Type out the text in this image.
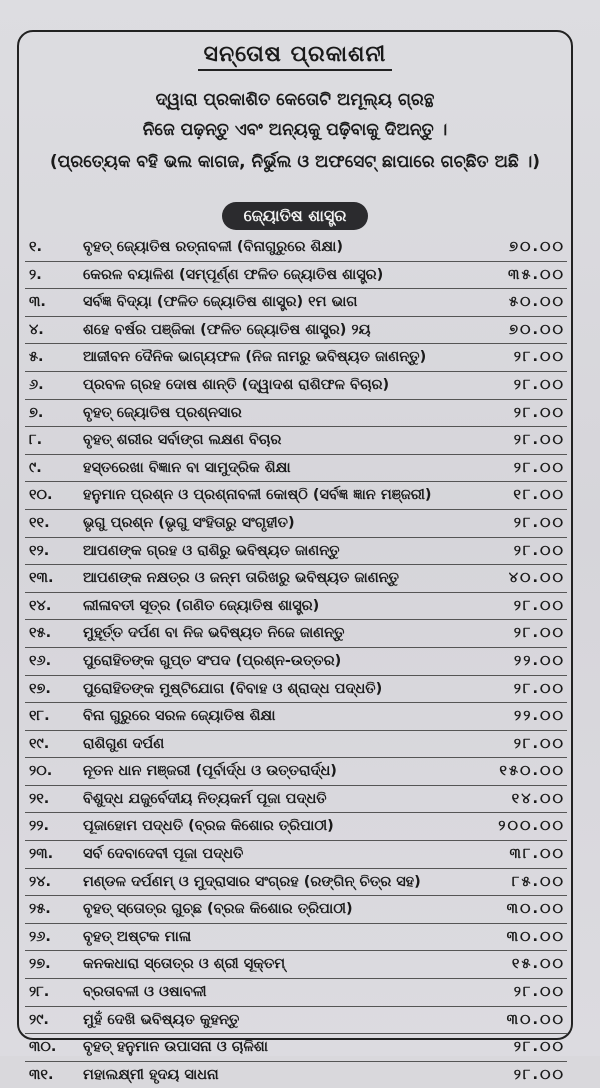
ସନ୍ତୋଷ ପ୍ରକାଶନୀ
ଦ୍ୱାରା ପ୍ରକାଶିତ କେତୋଟି ଅମୂଲ୍ୟ ଗ୍ରନ୍ଥ
ନିଜେ ପଢ଼ନ୍ତୁ ଏବଂ ଅନ୍ୟକୁ ପଢ଼ିବାକୁ ଦିଅନ୍ତୁ ।
(ପ୍ରତ୍ୟେକ ବହି ଭଲ କାଗଜ, ନିର୍ଭୁଲ ଓ ଅଫସେଟ୍ ଛାପାରେ ଗଚ୍ଛିତ ଅଛି ।)
ଜ୍ୟୋତିଷ ଶାସ୍ତ୍ର
୧.	ବୃହତ୍ ଜ୍ୟୋତିଷ ରତ୍ନାବଳୀ (ବିନାଗୁରୁରେ ଶିକ୍ଷା)	୭୦.୦୦
୨.	କେରଳ ବୟାଳିଶ (ସମ୍ପୂର୍ଣ୍ଣ ଫଳିତ ଜ୍ୟୋତିଷ ଶାସ୍ତ୍ର)	୩୫.୦୦
୩.	ସର୍ବଜ୍ଞ ବିଦ୍ୟା (ଫଳିତ ଜ୍ୟୋତିଷ ଶାସ୍ତ୍ର) ୧ମ ଭାଗ	୫୦.୦୦
୪.	ଶହେ ବର୍ଷର ପଞ୍ଜିକା (ଫଳିତ ଜ୍ୟୋତିଷ ଶାସ୍ତ୍ର) ୨ୟ	୭୦.୦୦
୫.	ଆଜୀବନ ଦୈନିକ ଭାଗ୍ୟଫଳ (ନିଜ ନାମରୁ ଭବିଷ୍ୟତ ଜାଣନ୍ତୁ)	୨୮.୦୦
୬.	ପ୍ରବଳ ଗ୍ରହ ଦୋଷ ଶାନ୍ତି (ଦ୍ୱାଦଶ ରାଶିଫଳ ବିଚାର)	୨୮.୦୦
୭.	ବୃହତ୍ ଜ୍ୟୋତିଷ ପ୍ରଶ୍ନସାର	୨୮.୦୦
୮.	ବୃହତ୍ ଶରୀର ସର୍ବାଙ୍ଗ ଲକ୍ଷଣ ବିଚାର	୨୮.୦୦
୯.	ହସ୍ତରେଖା ବିଜ୍ଞାନ ବା ସାମୁଦ୍ରିକ ଶିକ୍ଷା	୨୮.୦୦
୧୦.	ହନୁମାନ ପ୍ରଶ୍ନ ଓ ପ୍ରଶ୍ନାବଳୀ କୋଷ୍ଠି (ସର୍ବଜ୍ଞ ଜ୍ଞାନ ମଞ୍ଜରୀ)	୧୮.୦୦
୧୧.	ଭୃଗୁ ପ୍ରଶ୍ନ (ଭୃଗୁ ସଂହିତାରୁ ସଂଗୃହୀତ)	୨୮.୦୦
୧୨.	ଆପଣଙ୍କ ଗ୍ରହ ଓ ରାଶିରୁ ଭବିଷ୍ୟତ ଜାଣନ୍ତୁ	୨୮.୦୦
୧୩.	ଆପଣଙ୍କ ନକ୍ଷତ୍ର ଓ ଜନ୍ମ ତାରିଖରୁ ଭବିଷ୍ୟତ ଜାଣନ୍ତୁ	୪୦.୦୦
୧୪.	ଲୀଳାବତୀ ସୂତ୍ର (ଗଣିତ ଜ୍ୟୋତିଷ ଶାସ୍ତ୍ର)	୨୮.୦୦
୧୫.	ମୁହୂର୍ତ୍ତ ଦର୍ପଣ ବା ନିଜ ଭବିଷ୍ୟତ ନିଜେ ଜାଣନ୍ତୁ	୨୮.୦୦
୧୬.	ପୁରୋହିତଙ୍କ ଗୁପ୍ତ ସଂପଦ (ପ୍ରଶ୍ନ-ଉତ୍ତର)	୨୨.୦୦
୧୭.	ପୁରୋହିତଙ୍କ ମୁଷ୍ଟିଯୋଗ (ବିବାହ ଓ ଶ୍ରାଦ୍ଧ ପଦ୍ଧତି)	୨୮.୦୦
୧୮.	ବିନା ଗୁରୁରେ ସରଳ ଜ୍ୟୋତିଷ ଶିକ୍ଷା	୨୨.୦୦
୧୯.	ରାଶିଗୁଣ ଦର୍ପଣ	୨୮.୦୦
୨୦.	ନୂତନ ଧାନ ମଞ୍ଜରୀ (ପୂର୍ବାର୍ଦ୍ଧ ଓ ଉତ୍ତରାର୍ଦ୍ଧ)	୧୫୦.୦୦
୨୧.	ବିଶୁଦ୍ଧ ଯଜୁର୍ବେଦୀୟ ନିତ୍ୟକର୍ମ ପୂଜା ପଦ୍ଧତି	୧୪.୦୦
୨୨.	ପୂଜାହୋମ ପଦ୍ଧତି (ବ୍ରଜ କିଶୋର ତ୍ରିପାଠୀ)	୨୦୦.୦୦
୨୩.	ସର୍ବ ଦେବାଦେବୀ ପୂଜା ପଦ୍ଧତି	୩୮.୦୦
୨୪.	ମଣ୍ଡଳ ଦର୍ପଣମ୍ ଓ ମୁଦ୍ରାସାର ସଂଗ୍ରହ (ରଙ୍ଗିନ୍ ଚିତ୍ର ସହ)	୮୫.୦୦
୨୫.	ବୃହତ୍ ସ୍ତୋତ୍ର ଗୁଚ୍ଛ (ବ୍ରଜ କିଶୋର ତ୍ରିପାଠୀ)	୩୦.୦୦
୨୬.	ବୃହତ୍ ଅଷ୍ଟକ ମାଳା	୩୦.୦୦
୨୭.	କନକଧାରା ସ୍ତୋତ୍ର ଓ ଶ୍ରୀ ସୂକ୍ତମ୍	୧୫.୦୦
୨୮.	ବ୍ରତାବଳୀ ଓ ଓଷାବଳୀ	୨୮.୦୦
୨୯.	ମୁହଁ ଦେଖି ଭବିଷ୍ୟତ କୁହନ୍ତୁ	୩୦.୦୦
୩୦.	ବୃହତ୍ ହନୁମାନ ଉପାସନା ଓ ଚାଳିଶା	୨୮.୦୦
୩୧.	ମହାଲକ୍ଷ୍ମୀ ହୃଦୟ ସାଧନା	୨୮.୦୦
